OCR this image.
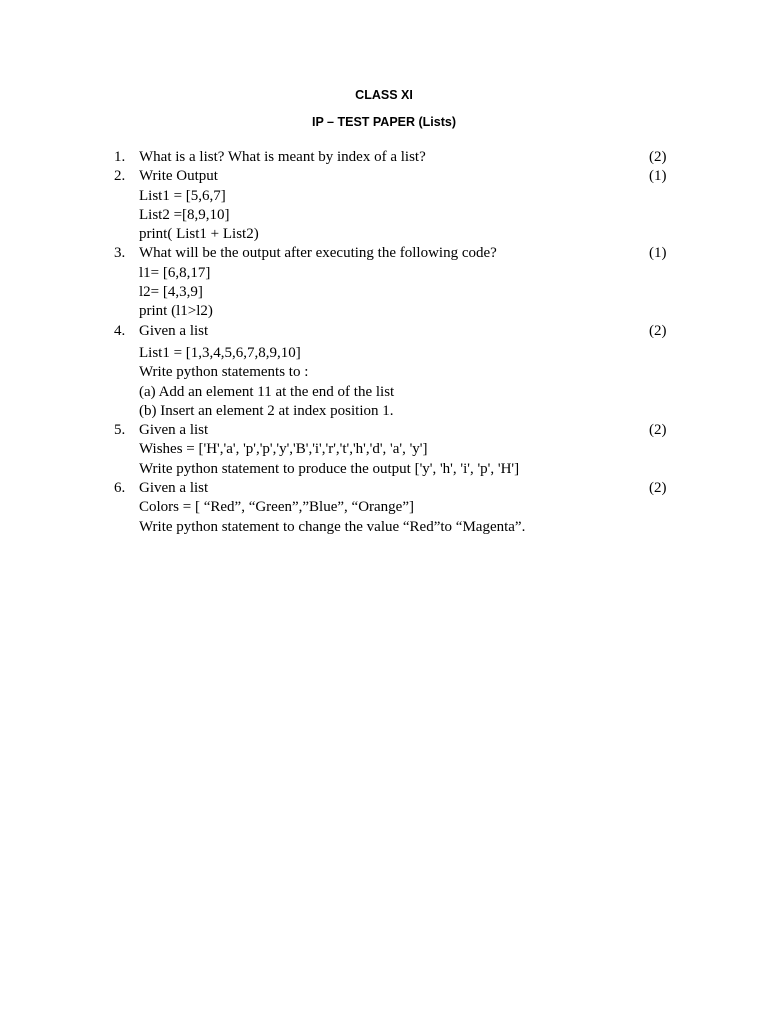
CLASS XI
IP – TEST PAPER (Lists)
1. What is a list? What is meant by index of a list?	(2)
2. Write Output	(1)
List1 = [5,6,7]
List2 =[8,9,10]
print( List1 + List2)
3. What will be the output after executing the following code?	(1)
l1= [6,8,17]
l2= [4,3,9]
print (l1>l2)
4. Given a list	(2)
List1 = [1,3,4,5,6,7,8,9,10]
Write python statements to :
(a) Add an element 11 at the end of the list
(b) Insert an element 2 at index position 1.
5. Given a list	(2)
Wishes = ['H','a', 'p','p','y','B','i','r','t','h','d', 'a', 'y']
Write python statement to produce the output ['y', 'h', 'i', 'p', 'H']
6. Given a list	(2)
Colors = [ “Red”, “Green”,”Blue”, “Orange”]
Write python statement to change the value “Red”to “Magenta”.
